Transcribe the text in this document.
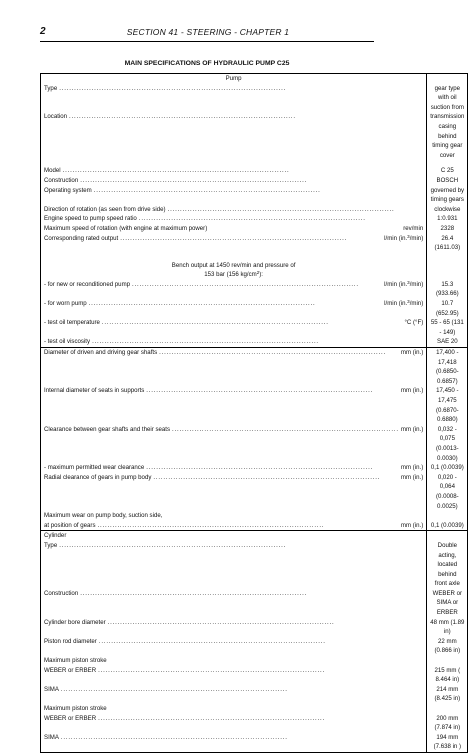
2	SECTION 41 - STEERING - CHAPTER 1
MAIN SPECIFICATIONS OF HYDRAULIC PUMP C25
Pump	

Type ...........................................................................................	gear type with oil suction from

Location ...........................................................................................	transmission casing
	behind timing gear cover

Model ...........................................................................................	C 25

Construction ...........................................................................................	BOSCH

Operating system ...........................................................................................	governed by timing gears

Direction of rotation (as seen from drive side) ...........................................................................................	clockwise

Engine speed to pump speed ratio ...........................................................................................	1:0.931

Maximum speed of rotation (with engine at maximum power) rev/min	2328

Corresponding rated output ........................................................................................... l/min (in.$^3$/min)	26.4 (1611.03)

Bench output at 1450 rev/min and pressure of
153 bar (156 $kg/cm^2$):	

- for new or reconditioned pump ........................................................................................... l/min (in.$^3$/min)	15.3 (933.66)

- for worn pump ........................................................................................... l/min (in.$^3$/min)	10.7 (652.95)

- test oil temperature ........................................................................................... °C (°F)	55 - 65 (131 - 149)

- test oil viscosity ...........................................................................................	SAE 20

Diameter of driven and driving gear shafts ........................................................................................... mm (in.)	17,400 - 17,418 (0.6850-0.6857)

Internal diameter of seats in supports ........................................................................................... mm (in.)	17,450 - 17,475 (0.6870-0.6880)

Clearance between gear shafts and their seats ........................................................................................... mm (in.)	0,032 - 0,075 (0.0013-0.0030)

- maximum permitted wear clearance ........................................................................................... mm (in.)	0,1 (0.0039)

Radial clearance of gears in pump body ........................................................................................... mm (in.)	0,020 - 0,064 (0.0008-0.0025)
Maximum wear on pump body, suction side,	

at position of gears ........................................................................................... mm (in.)	0,1 (0.0039)
Cylinder	

Type ...........................................................................................	Double acting, located behind
	front axle

Construction ...........................................................................................	WEBER or SIMA or ERBER

Cylinder bore diameter ...........................................................................................	48 mm (1.89 in)

Piston rod diameter ...........................................................................................	22 mm (0.866 in)
Maximum piston stroke	

WEBER or ERBER ...........................................................................................	215 mm ( 8.464 in)

SIMA ...........................................................................................	214 mm (8.425 in)
Maximum piston stroke	

WEBER or ERBER ...........................................................................................	200 mm (7.874 in)

SIMA ...........................................................................................	194 mm (7.638 in )
